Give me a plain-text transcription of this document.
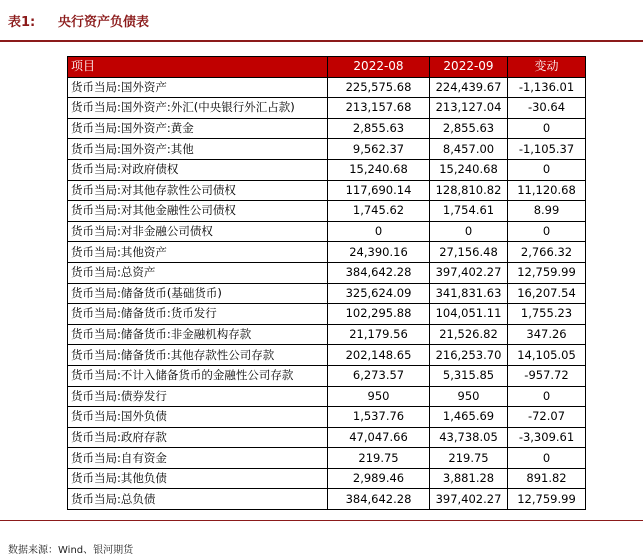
表1: 央行资产负债表
项目	2022-08	2022-09	变动
货币当局:国外资产	225,575.68	224,439.67	-1,136.01
货币当局:国外资产:外汇(中央银行外汇占款)	213,157.68	213,127.04	-30.64
货币当局:国外资产:黄金	2,855.63	2,855.63	0
货币当局:国外资产:其他	9,562.37	8,457.00	-1,105.37
货币当局:对政府债权	15,240.68	15,240.68	0
货币当局:对其他存款性公司债权	117,690.14	128,810.82	11,120.68
货币当局:对其他金融性公司债权	1,745.62	1,754.61	8.99
货币当局:对非金融公司债权	0	0	0
货币当局:其他资产	24,390.16	27,156.48	2,766.32
货币当局:总资产	384,642.28	397,402.27	12,759.99
货币当局:储备货币(基础货币)	325,624.09	341,831.63	16,207.54
货币当局:储备货币:货币发行	102,295.88	104,051.11	1,755.23
货币当局:储备货币:非金融机构存款	21,179.56	21,526.82	347.26
货币当局:储备货币:其他存款性公司存款	202,148.65	216,253.70	14,105.05
货币当局:不计入储备货币的金融性公司存款	6,273.57	5,315.85	-957.72
货币当局:债券发行	950	950	0
货币当局:国外负债	1,537.76	1,465.69	-72.07
货币当局:政府存款	47,047.66	43,738.05	-3,309.61
货币当局:自有资金	219.75	219.75	0
货币当局:其他负债	2,989.46	3,881.28	891.82
货币当局:总负债	384,642.28	397,402.27	12,759.99
数据来源：Wind、银河期货
